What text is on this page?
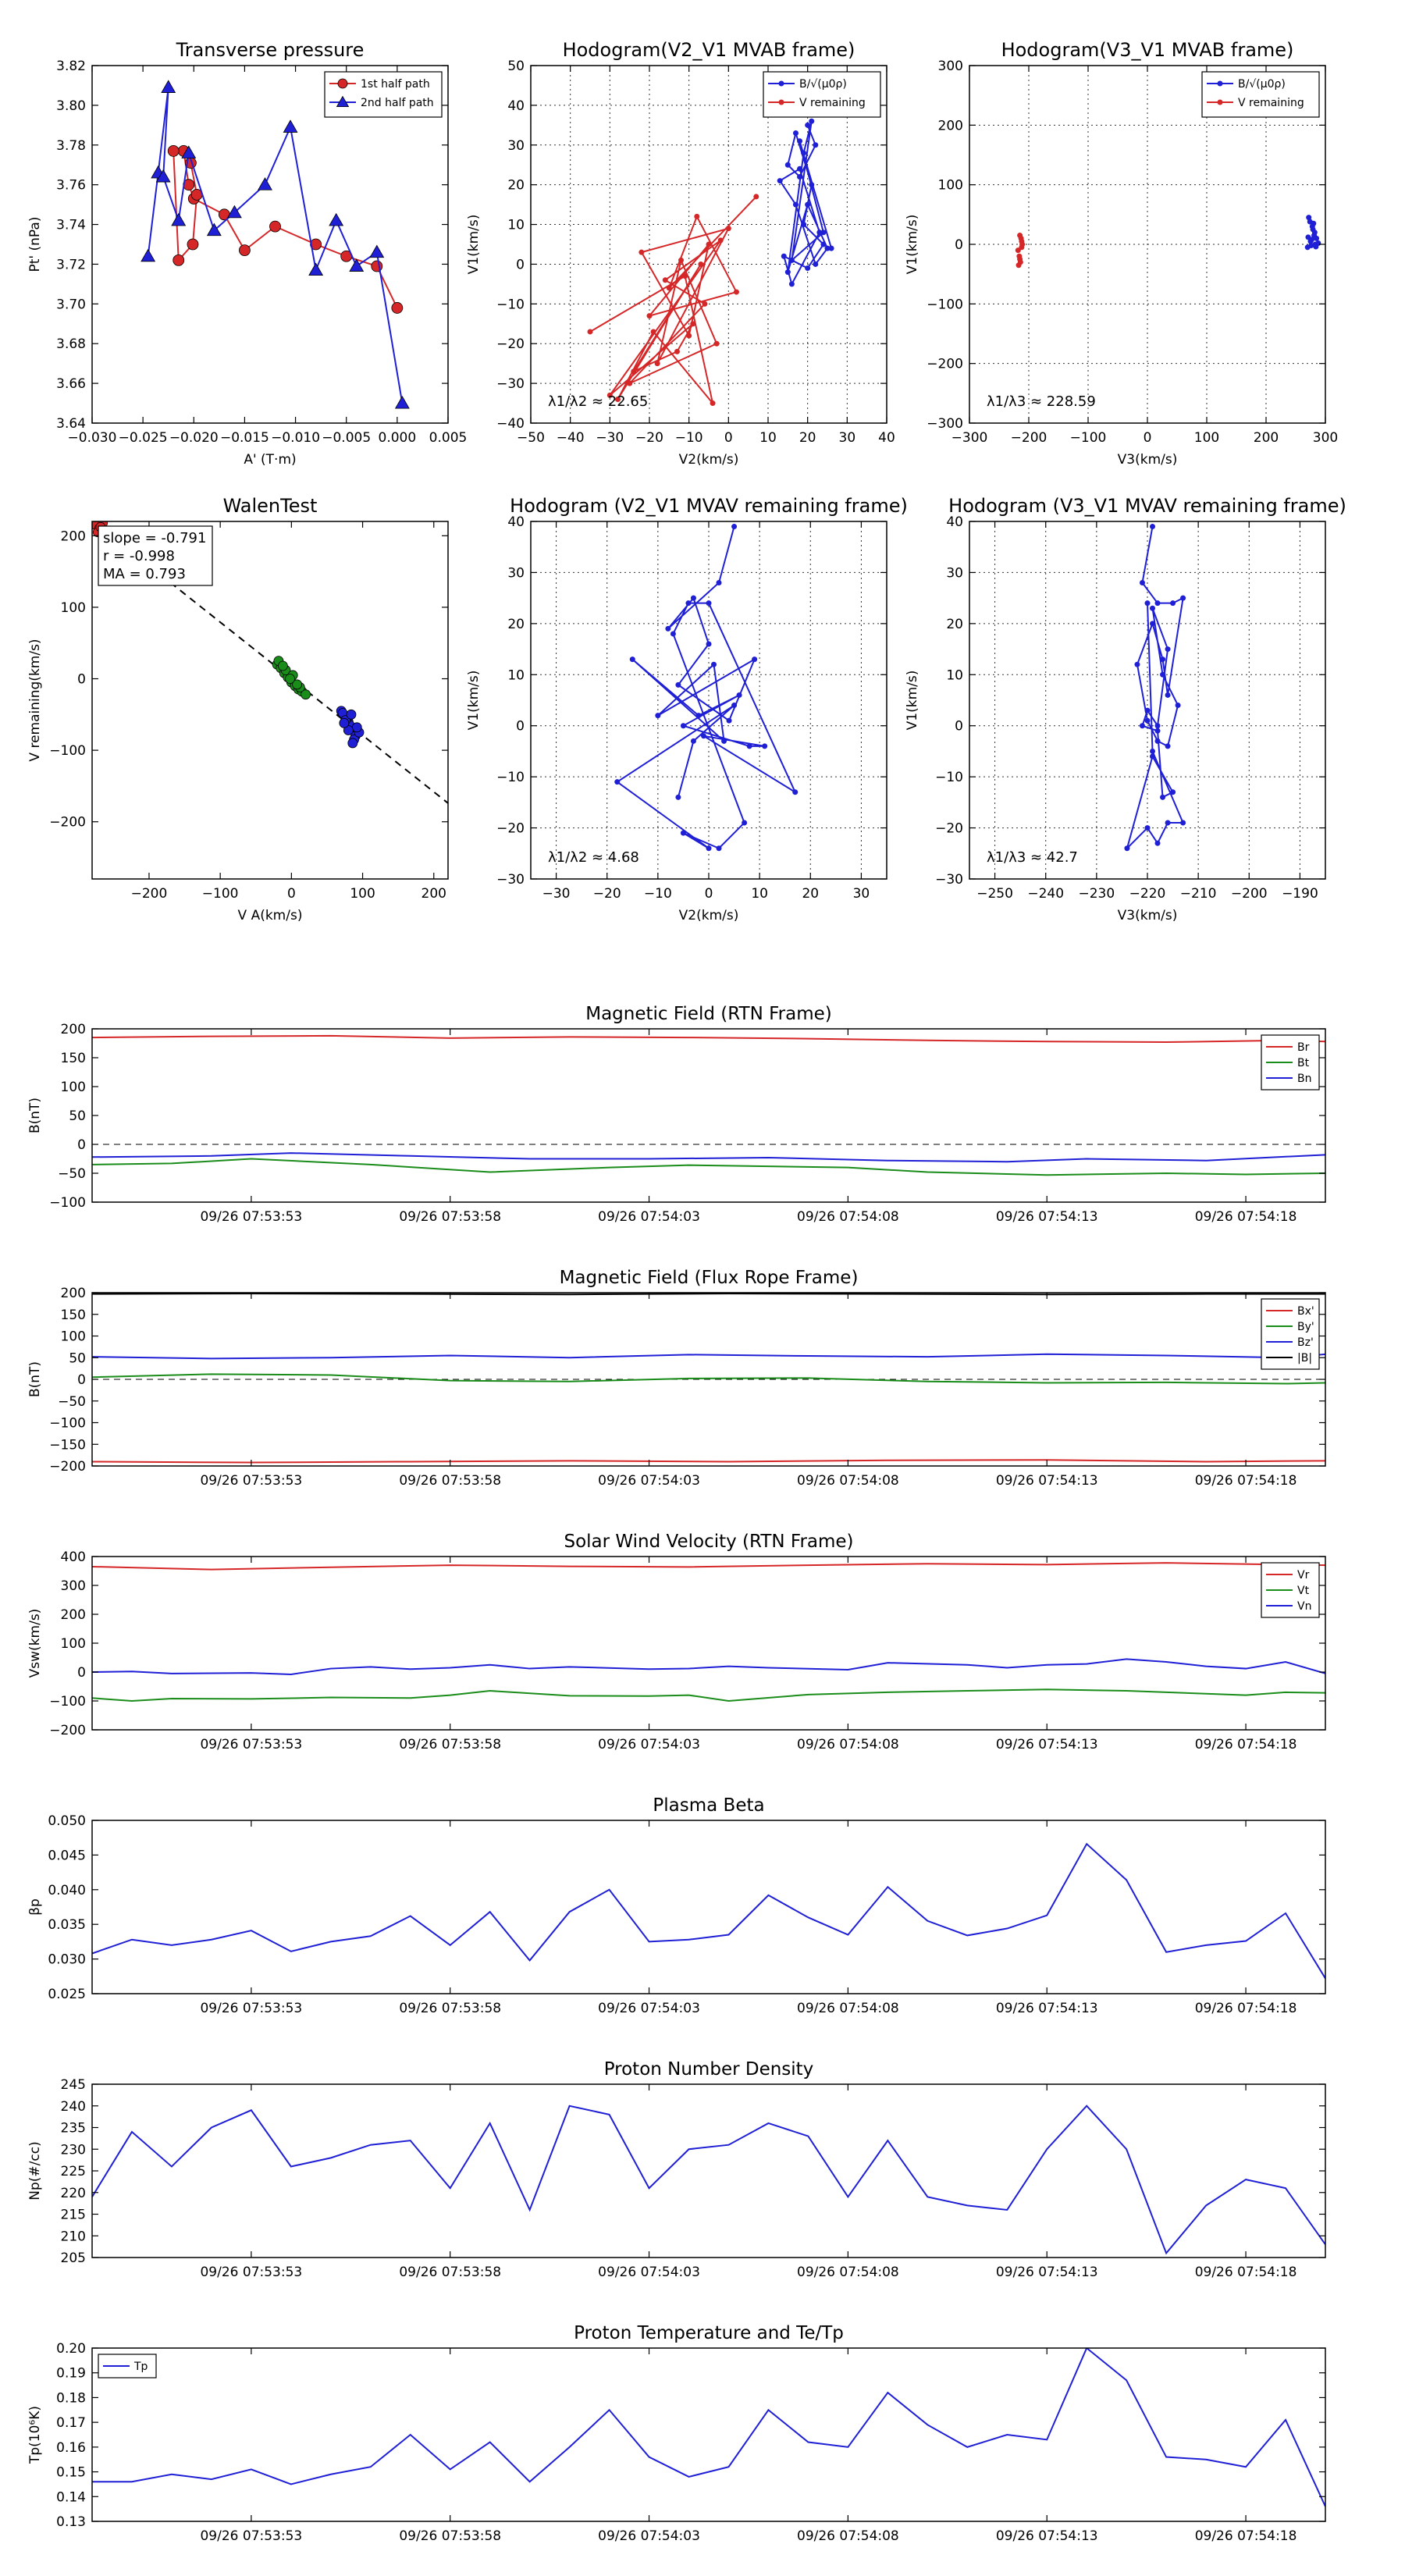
Transverse pressure
−0.030 −0.025 −0.020 −0.015 −0.010 −0.005 0.000 0.005
3.64
3.66
3.68
3.70
3.72
3.74
3.76
3.78
3.80
3.82
A' (T·m)
Pt' (nPa)
1st half path
2nd half path
Hodogram(V2_V1 MVAB frame)
−50 −40 −30 −20 −10 0 10 20 30 40
−40
−30
−20
−10
0
10
20
30
40
50
V2(km/s)
V1(km/s)
λ1/λ2 ≈ 22.65
B/√(μ0ρ)
V remaining
Hodogram(V3_V1 MVAB frame)
−300 −200 −100	0	100	200	300
−300
−200
−100
0
100
200
300
V3(km/s)
V1(km/s)
λ1/λ3 ≈ 228.59
B/√(μ0ρ)
V remaining
WalenTest
−200	−100	0	100	200
−200
−100
0
100
200
V A(km/s)
V remaining(km/s)
slope = -0.791
r = -0.998
MA = 0.793
Hodogram (V2_V1 MVAV remaining frame)
−30 −20 −10 0	10	20	30
−30
−20
−10
0
10
20
30
40
V2(km/s)
V1(km/s)
λ1/λ2 ≈ 4.68
Hodogram (V3_V1 MVAV remaining frame)
−250 −240 −230 −220 −210 −200 −190
−30
−20
−10
0
10
20
30
40
V3(km/s)
V1(km/s)
λ1/λ3 ≈ 42.7
Magnetic Field (RTN Frame)
09/26 07:53:53	09/26 07:53:58	09/26 07:54:03	09/26 07:54:08	09/26 07:54:13	09/26 07:54:18
−100
−50
0
50
100
150
200
B(nT)
Br
Bt
Bn
Magnetic Field (Flux Rope Frame)
09/26 07:53:53	09/26 07:53:58	09/26 07:54:03	09/26 07:54:08	09/26 07:54:13	09/26 07:54:18
−200
−150
−100
−50
0
50
100
150
200
B(nT)
Bx'
By'
Bz'
|B|
Solar Wind Velocity (RTN Frame)
09/26 07:53:53	09/26 07:53:58	09/26 07:54:03	09/26 07:54:08	09/26 07:54:13	09/26 07:54:18
−200
−100
0
100
200
300
400
Vsw(km/s)
Vr
Vt
Vn
Plasma Beta
09/26 07:53:53	09/26 07:53:58	09/26 07:54:03	09/26 07:54:08	09/26 07:54:13	09/26 07:54:18
0.025
0.030
0.035
0.040
0.045
0.050
βp
Proton Number Density
09/26 07:53:53	09/26 07:53:58	09/26 07:54:03	09/26 07:54:08	09/26 07:54:13	09/26 07:54:18
205
210
215
220
225
230
235
240
245
Np(#/cc)
Proton Temperature and Te/Tp
09/26 07:53:53	09/26 07:53:58	09/26 07:54:03	09/26 07:54:08	09/26 07:54:13	09/26 07:54:18
0.13
0.14
0.15
0.16
0.17
0.18
0.19
0.20
Tp(10⁶K)
Tp
